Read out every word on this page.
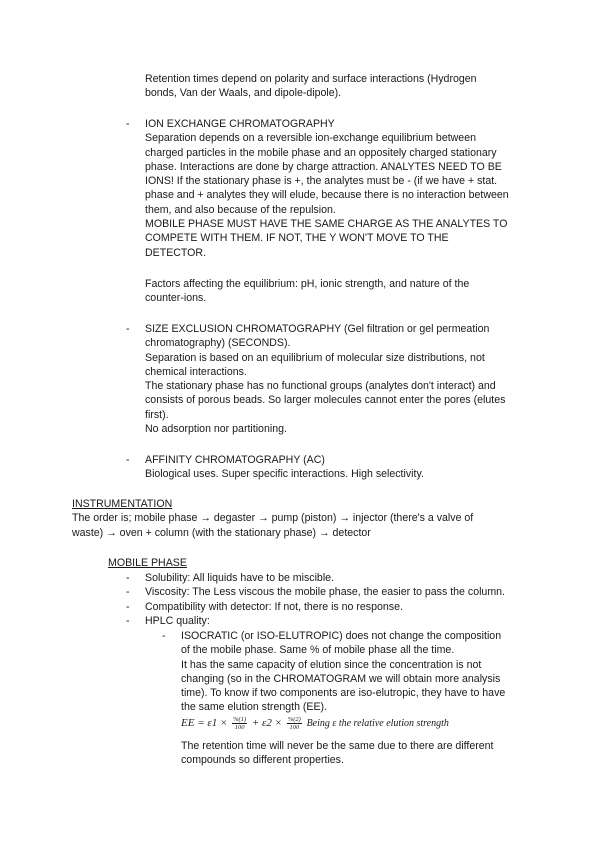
Retention times depend on polarity and surface interactions (Hydrogen
bonds, Van der Waals, and dipole-dipole).
- ION EXCHANGE CHROMATOGRAPHY
Separation depends on a reversible ion-exchange equilibrium between
charged particles in the mobile phase and an oppositely charged stationary
phase. Interactions are done by charge attraction. ANALYTES NEED TO BE
IONS! If the stationary phase is +, the analytes must be - (if we have + stat.
phase and + analytes they will elude, because there is no interaction between
them, and also because of the repulsion.
MOBILE PHASE MUST HAVE THE SAME CHARGE AS THE ANALYTES TO
COMPETE WITH THEM. IF NOT, THE Y WON'T MOVE TO THE
DETECTOR.
Factors affecting the equilibrium: pH, ionic strength, and nature of the
counter-ions.
- SIZE EXCLUSION CHROMATOGRAPHY (Gel filtration or gel permeation
chromatography) (SECONDS).
Separation is based on an equilibrium of molecular size distributions, not
chemical interactions.
The stationary phase has no functional groups (analytes don't interact) and
consists of porous beads. So larger molecules cannot enter the pores (elutes
first).
No adsorption nor partitioning.
- AFFINITY CHROMATOGRAPHY (AC)
Biological uses. Super specific interactions. High selectivity.
INSTRUMENTATION
The order is; mobile phase → degaster → pump (piston) → injector (there's a valve of
waste) → oven + column (with the stationary phase) → detector
MOBILE PHASE
- Solubility: All liquids have to be miscible.
- Viscosity: The Less viscous the mobile phase, the easier to pass the column.
- Compatibility with detector: If not, there is no response.
- HPLC quality:
- ISOCRATIC (or ISO-ELUTROPIC) does not change the composition
of the mobile phase. Same % of mobile phase all the time.
It has the same capacity of elution since the concentration is not
changing (so in the CHROMATOGRAM we will obtain more analysis
time). To know if two components are iso-elutropic, they have to have
the same elution strength (EE).
EE = $\varepsilon 1 \times \frac{\%(1)}{100} + \varepsilon 2 \times \frac{\%(2)}{100}$ Being ε the relative elution strength
The retention time will never be the same due to there are different
compounds so different properties.
